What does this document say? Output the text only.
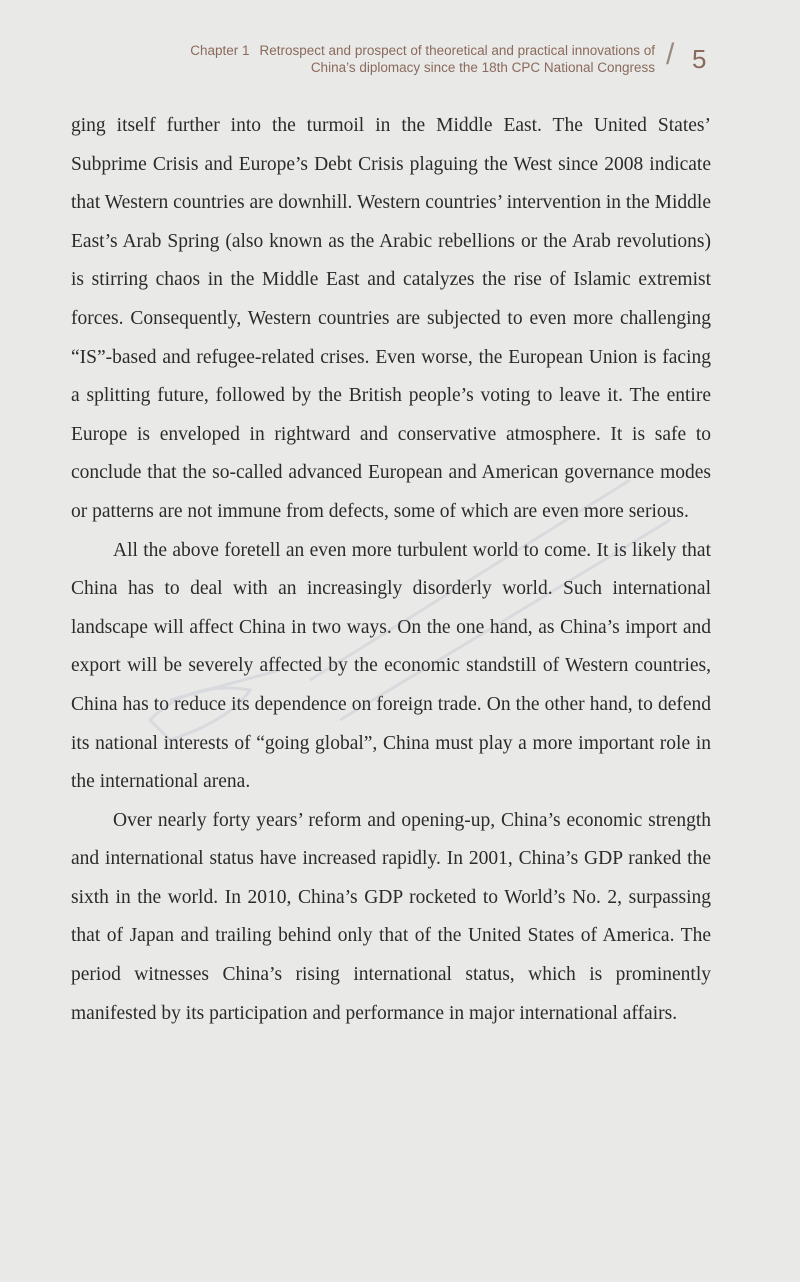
Chapter 1 Retrospect and prospect of theoretical and practical innovations of
China’s diplomacy since the 18th CPC National Congress / 5

ging itself further into the turmoil in the Middle East. The United States’ Subprime Crisis and Europe’s Debt Crisis plaguing the West since 2008 indicate that Western countries are downhill. Western countries’ intervention in the Middle East’s Arab Spring (also known as the Arabic rebellions or the Arab revolutions) is stirring chaos in the Middle East and catalyzes the rise of Islamic extremist forces. Consequently, Western countries are subjected to even more challenging “IS”-based and refugee-related crises. Even worse, the European Union is facing a splitting future, followed by the British people’s voting to leave it. The entire Europe is enveloped in rightward and conservative atmosphere. It is safe to conclude that the so-called advanced European and American governance modes or patterns are not immune from defects, some of which are even more serious.

All the above foretell an even more turbulent world to come. It is likely that China has to deal with an increasingly disorderly world. Such international landscape will affect China in two ways. On the one hand, as China’s import and export will be severely affected by the economic standstill of Western countries, China has to reduce its dependence on foreign trade. On the other hand, to defend its national interests of “going global”, China must play a more important role in the international arena.

Over nearly forty years’ reform and opening-up, China’s economic strength and international status have increased rapidly. In 2001, China’s GDP ranked the sixth in the world. In 2010, China’s GDP rocketed to World’s No. 2, surpassing that of Japan and trailing behind only that of the United States of America. The period witnesses China’s rising international status, which is prominently manifested by its participation and performance in major international affairs.
